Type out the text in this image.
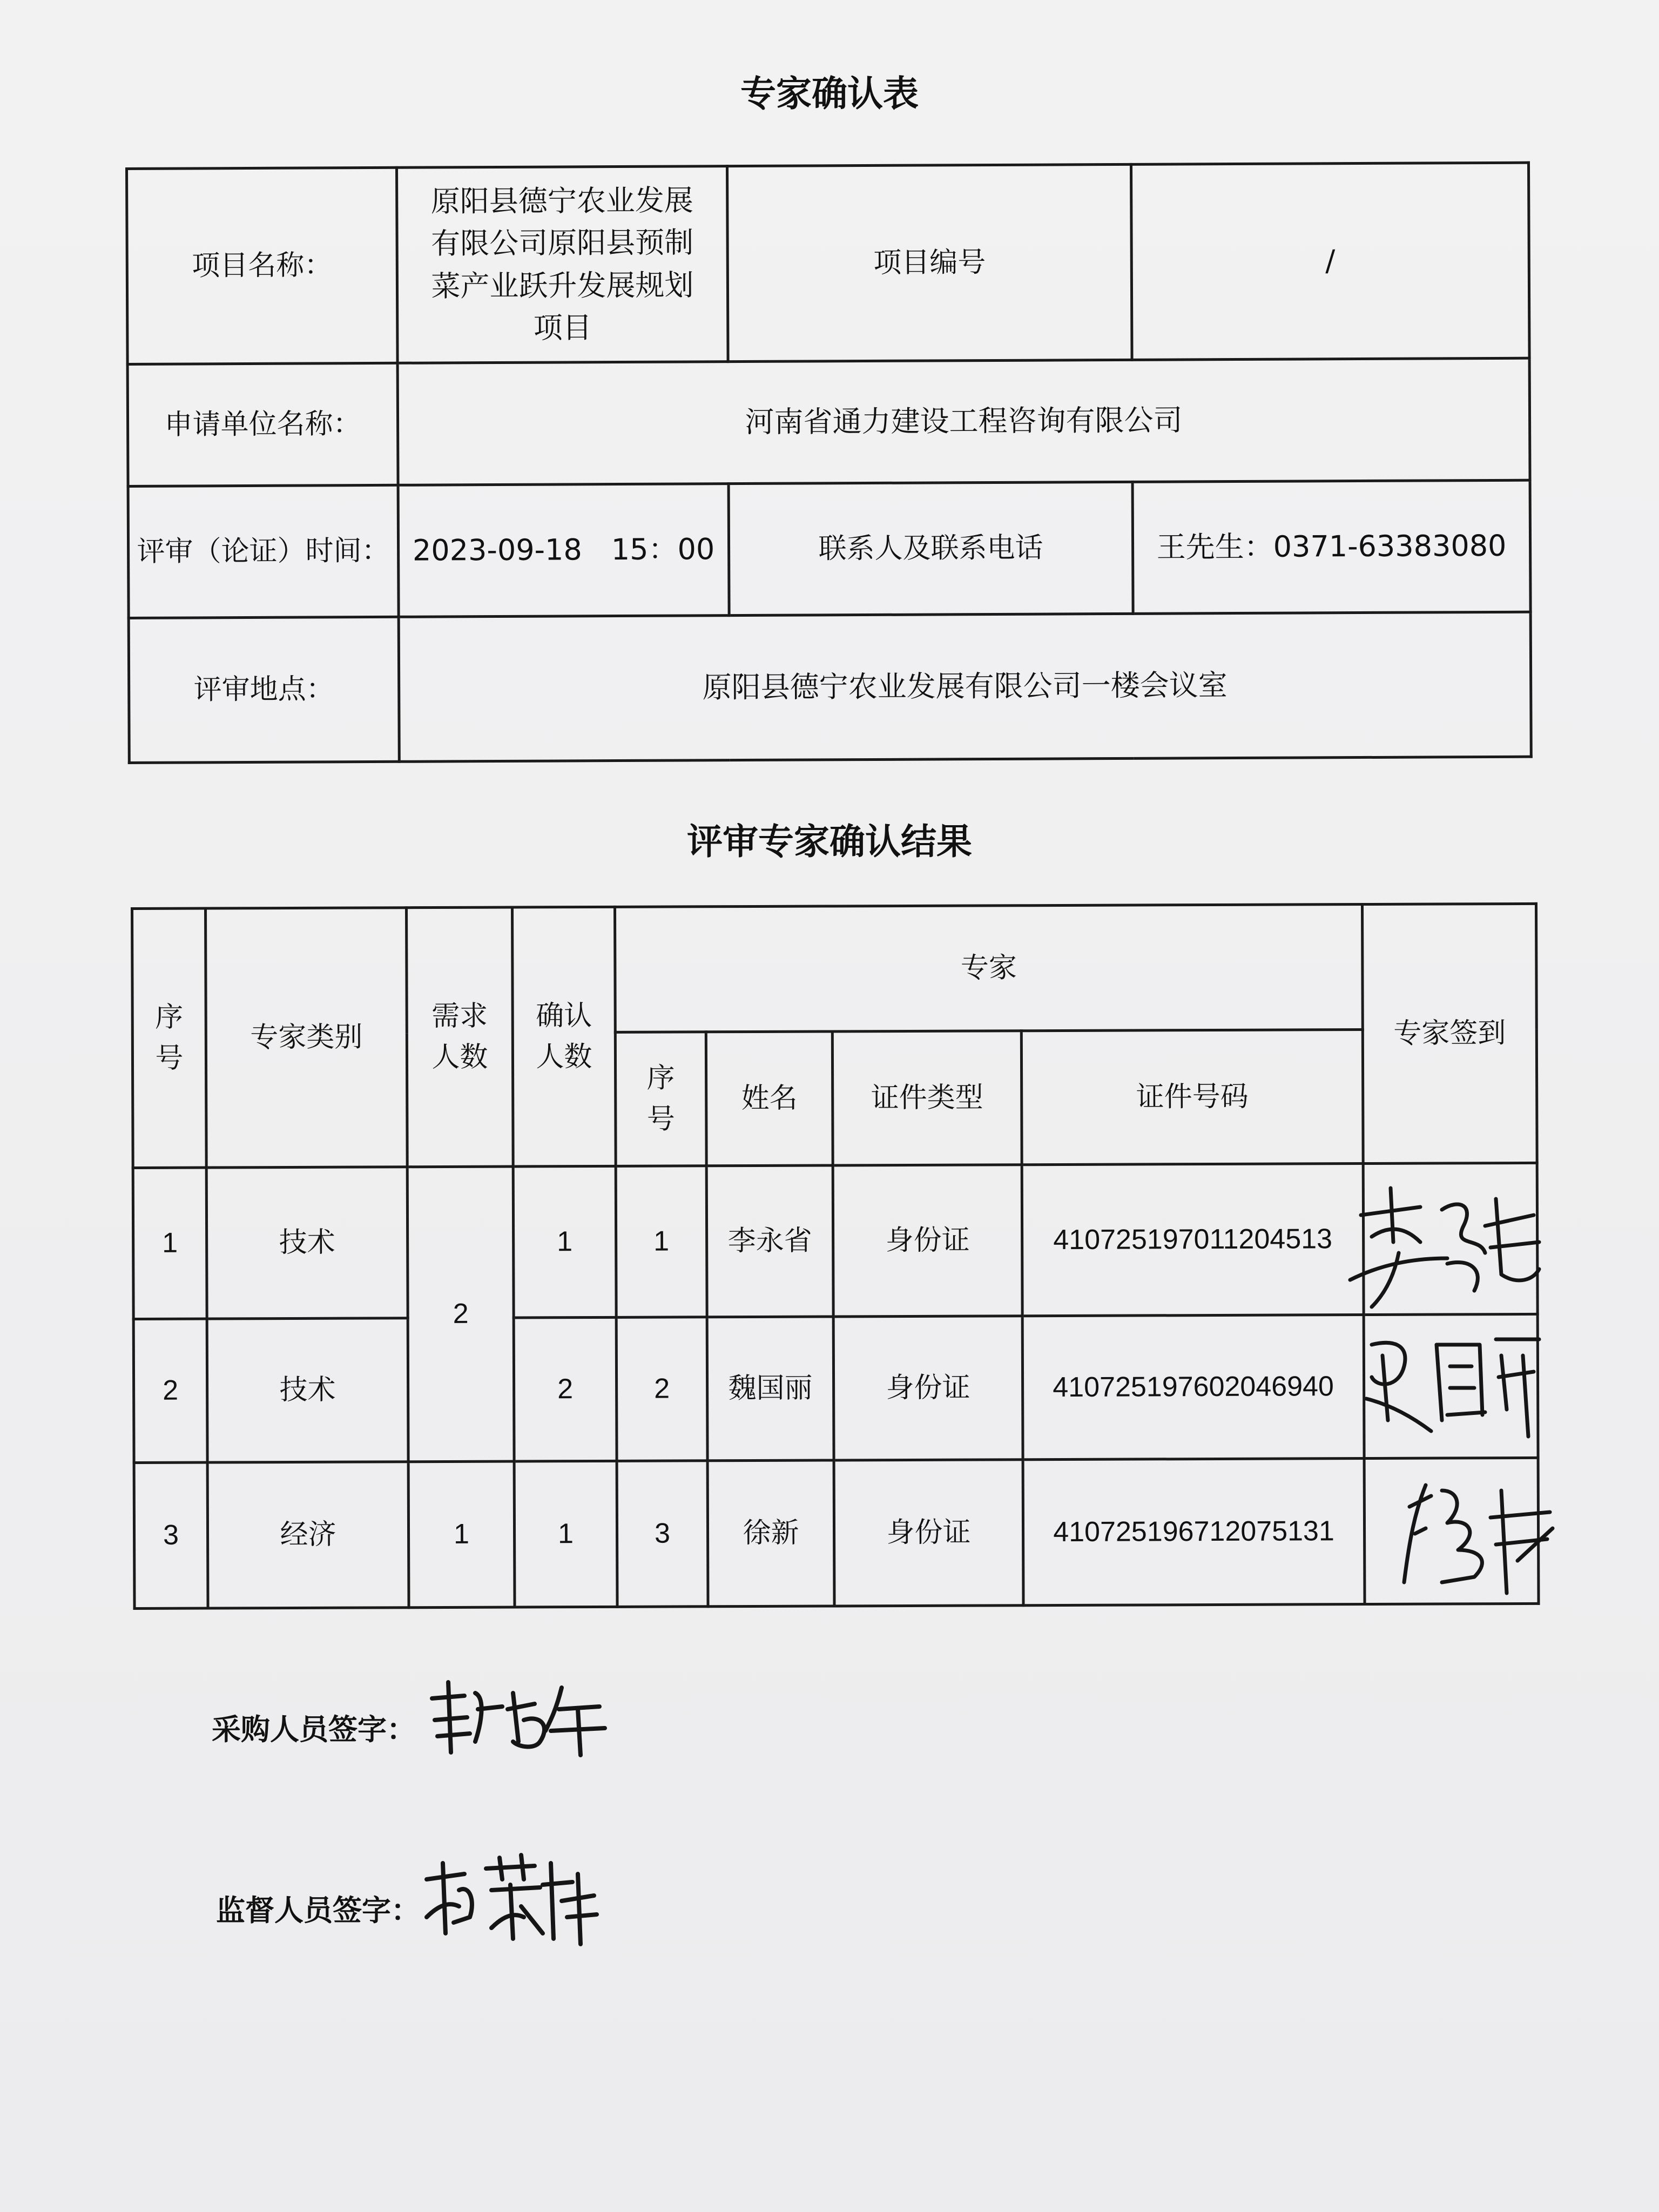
专家确认表
项目名称：	原阳县德宁农业发展有限公司原阳县预制菜产业跃升发展规划项目	项目编号	/
申请单位名称：	河南省通力建设工程咨询有限公司		
评审（论证）时间：	2023-09-18　15：00	联系人及联系电话	王先生：0371-63383080
评审地点：	原阳县德宁农业发展有限公司一楼会议室		
评审专家确认结果
序号	专家类别	需求人数	确认人数	专家				专家签到
				序号	姓名	证件类型	证件号码	
1	技术	2	1	1	李永省	身份证	410725197011204513	
2	技术		2	2	魏国丽	身份证	410725197602046940	
3	经济	1	1	3	徐新	身份证	410725196712075131	
采购人员签字：
监督人员签字：
